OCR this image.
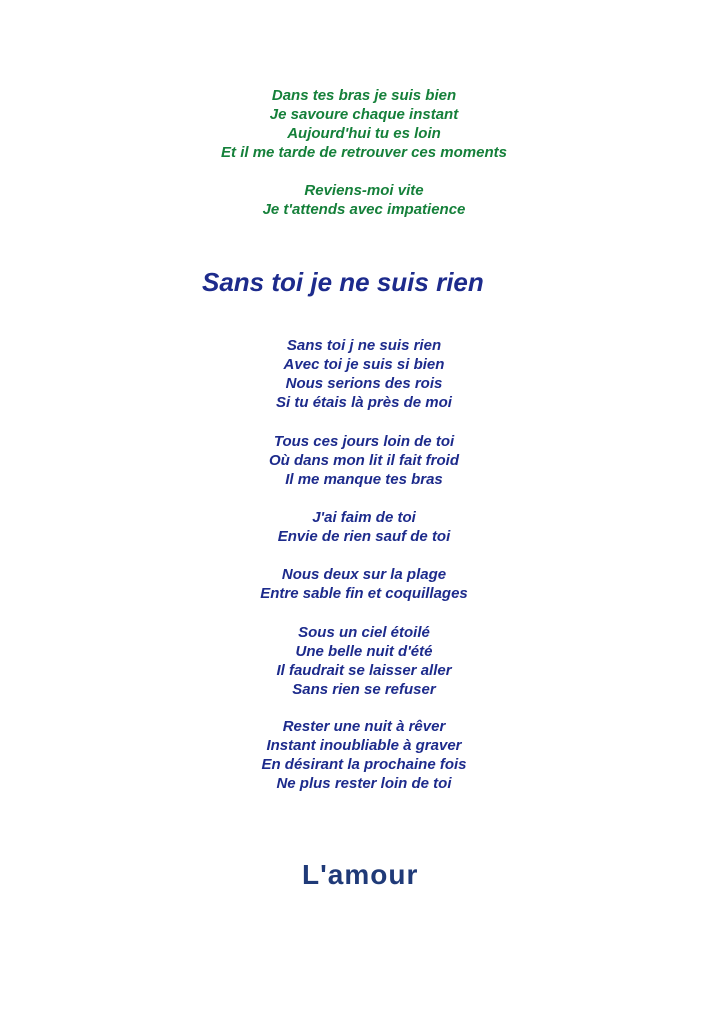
Dans tes bras je suis bien
Je savoure chaque instant
Aujourd'hui tu es loin
Et il me tarde de retrouver ces moments
Reviens-moi vite
Je t'attends avec impatience
Sans toi je ne suis rien
Sans toi j ne suis rien
Avec toi je suis si bien
Nous serions des rois
Si tu étais là près de moi
Tous ces jours loin de toi
Où dans mon lit il fait froid
Il me manque tes bras
J'ai faim de toi
Envie de rien sauf de toi
Nous deux sur la plage
Entre sable fin et coquillages
Sous un ciel étoilé
Une belle nuit d'été
Il faudrait se laisser aller
Sans rien se refuser
Rester une nuit à rêver
Instant inoubliable à graver
En désirant la prochaine fois
Ne plus rester loin de toi
L'amour
